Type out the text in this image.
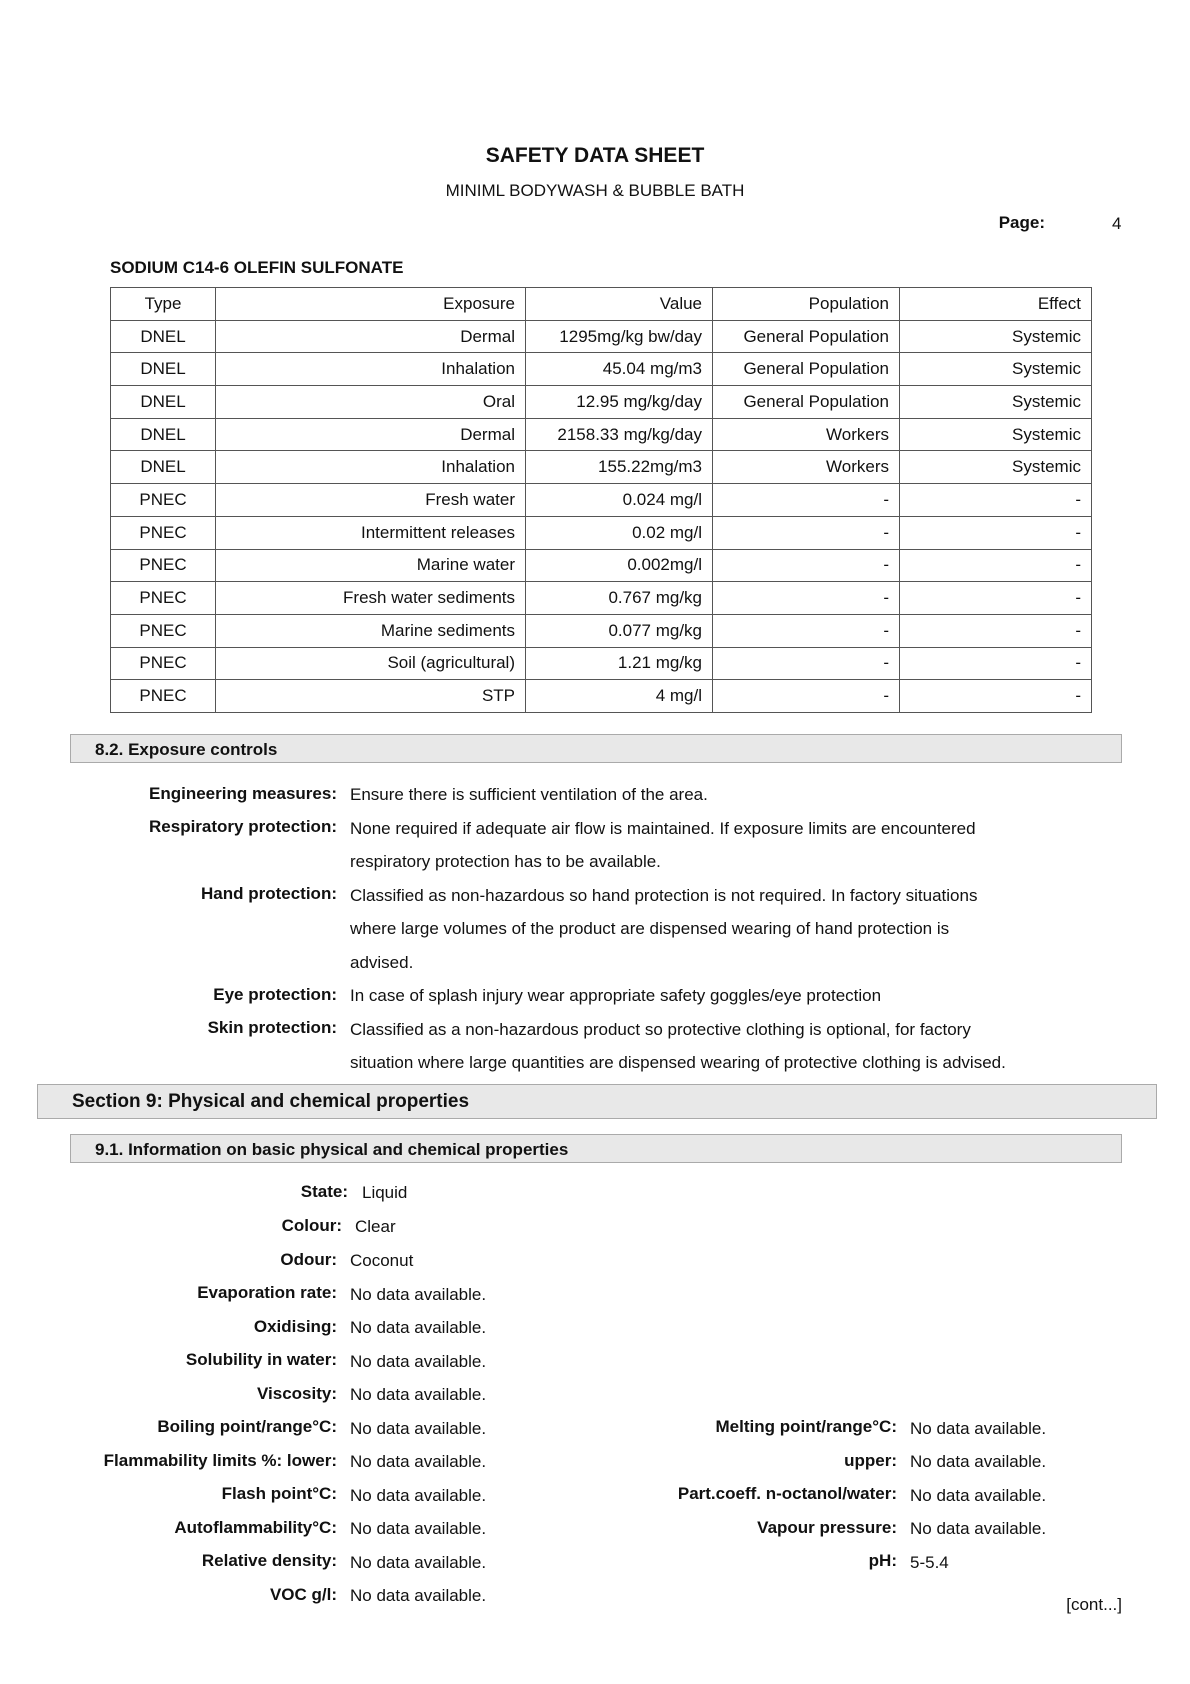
SAFETY DATA SHEET
MINIML BODYWASH & BUBBLE BATH
Page:	4
SODIUM C14-6 OLEFIN SULFONATE
Type	Exposure	Value	Population	Effect
DNEL	Dermal	1295mg/kg bw/day	General Population	Systemic
DNEL	Inhalation	45.04 mg/m3	General Population	Systemic
DNEL	Oral	12.95 mg/kg/day	General Population	Systemic
DNEL	Dermal	2158.33 mg/kg/day	Workers	Systemic
DNEL	Inhalation	155.22mg/m3	Workers	Systemic
PNEC	Fresh water	0.024 mg/l	-	-
PNEC	Intermittent releases	0.02 mg/l	-	-
PNEC	Marine water	0.002mg/l	-	-
PNEC	Fresh water sediments	0.767 mg/kg	-	-
PNEC	Marine sediments	0.077 mg/kg	-	-
PNEC	Soil (agricultural)	1.21 mg/kg	-	-
PNEC	STP	4 mg/l	-	-
8.2. Exposure controls
Engineering measures: Ensure there is sufficient ventilation of the area.
Respiratory protection: None required if adequate air flow is maintained. If exposure limits are encountered
respiratory protection has to be available.
Hand protection: Classified as non-hazardous so hand protection is not required. In factory situations
where large volumes of the product are dispensed wearing of hand protection is
advised.
Eye protection: In case of splash injury wear appropriate safety goggles/eye protection
Skin protection: Classified as a non-hazardous product so protective clothing is optional, for factory
situation where large quantities are dispensed wearing of protective clothing is advised.
Section 9: Physical and chemical properties
9.1. Information on basic physical and chemical properties
State: Liquid
Colour: Clear
Odour: Coconut
Evaporation rate: No data available.
Oxidising: No data available.
Solubility in water: No data available.
Viscosity: No data available.
Boiling point/range°C: No data available.
Flammability limits %: lower: No data available.
Flash point°C: No data available.
Autoflammability°C: No data available.
Relative density: No data available.
VOC g/l: No data available.
Melting point/range°C: No data available.
upper: No data available.
Part.coeff. n-octanol/water: No data available.
Vapour pressure: No data available.
pH: 5-5.4
[cont...]
